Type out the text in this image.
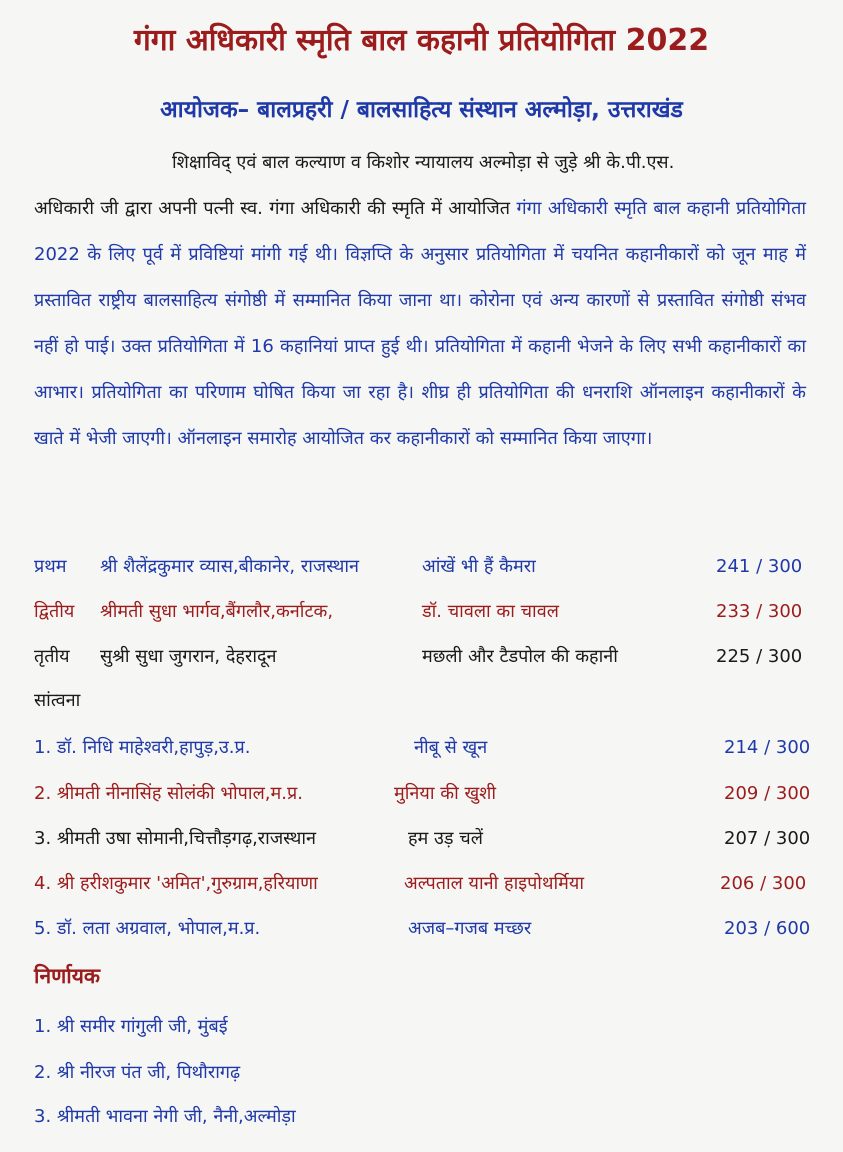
गंगा अधिकारी स्मृति बाल कहानी प्रतियोगिता 2022
आयोजक– बालप्रहरी / बालसाहित्य संस्थान अल्मोड़ा, उत्तराखंड
शिक्षाविद् एवं बाल कल्याण व किशोर न्यायालय अल्मोड़ा से जुड़े श्री के.पी.एस.
अधिकारी जी द्वारा अपनी पत्नी स्व. गंगा अधिकारी की स्मृति में आयोजित गंगा अधिकारी स्मृति बाल कहानी प्रतियोगिता 2022 के लिए पूर्व में प्रविष्टियां मांगी गई थी। विज्ञप्ति के अनुसार प्रतियोगिता में चयनित कहानीकारों को जून माह में प्रस्तावित राष्ट्रीय बालसाहित्य संगोष्ठी में सम्मानित किया जाना था। कोरोना एवं अन्य कारणों से प्रस्तावित संगोष्ठी संभव नहीं हो पाई। उक्त प्रतियोगिता में 16 कहानियां प्राप्त हुई थी। प्रतियोगिता में कहानी भेजने के लिए सभी कहानीकारों का आभार। प्रतियोगिता का परिणाम घोषित किया जा रहा है। शीघ्र ही प्रतियोगिता की धनराशि ऑनलाइन कहानीकारों के खाते में भेजी जाएगी। ऑनलाइन समारोह आयोजित कर कहानीकारों को सम्मानित किया जाएगा।
प्रथम श्री शैलेंद्रकुमार व्यास,बीकानेर, राजस्थान	आंखें भी हैं कैमरा	241 / 300
द्वितीय श्रीमती सुधा भार्गव,बैंगलौर,कर्नाटक,	डॉ. चावला का चावल	233 / 300
तृतीय सुश्री सुधा जुगरान, देहरादून	मछली और टैडपोल की कहानी	225 / 300
सांत्वना
1. डॉ. निधि माहेश्वरी,हापुड़,उ.प्र.	नीबू से खून	214 / 300
2. श्रीमती नीनासिंह सोलंकी भोपाल,म.प्र.	मुनिया की खुशी	209 / 300
3. श्रीमती उषा सोमानी,चित्तौड़गढ़,राजस्थान	हम उड़ चलें	207 / 300
4. श्री हरीशकुमार 'अमित',गुरुग्राम,हरियाणा	अल्पताल यानी हाइपोथर्मिया	206 / 300
5. डॉ. लता अग्रवाल, भोपाल,म.प्र.	अजब–गजब मच्छर	203 / 600
निर्णायक
1. श्री समीर गांगुली जी, मुंबई
2. श्री नीरज पंत जी, पिथौरागढ़
3. श्रीमती भावना नेगी जी, नैनी,अल्मोड़ा
